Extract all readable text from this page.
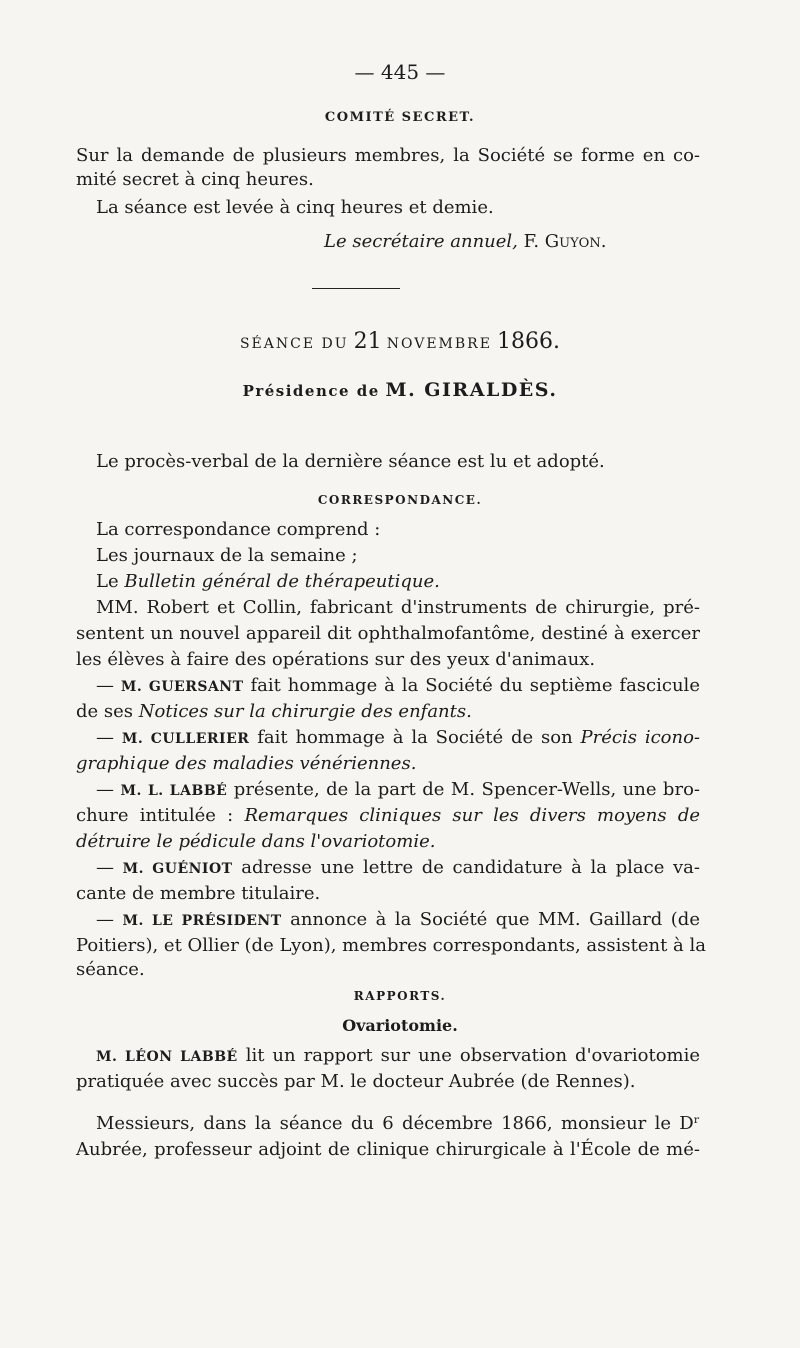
— 445 —
COMITÉ SECRET.
Sur la demande de plusieurs membres, la Société se forme en co-
mité secret à cinq heures.
La séance est levée à cinq heures et demie.
Le secrétaire annuel, F. Guyon.
SÉANCE DU 21 NOVEMBRE 1866.
Présidence de M. GIRALDÈS.
Le procès-verbal de la dernière séance est lu et adopté.
CORRESPONDANCE.
La correspondance comprend :
Les journaux de la semaine ;
Le Bulletin général de thérapeutique.
MM. Robert et Collin, fabricant d'instruments de chirurgie, pré-
sentent un nouvel appareil dit ophthalmofantôme, destiné à exercer
les élèves à faire des opérations sur des yeux d'animaux.
— M. GUERSANT fait hommage à la Société du septième fascicule
de ses Notices sur la chirurgie des enfants.
— M. CULLERIER fait hommage à la Société de son Précis icono-
graphique des maladies vénériennes.
— M. L. LABBÉ présente, de la part de M. Spencer-Wells, une bro-
chure intitulée : Remarques cliniques sur les divers moyens de
détruire le pédicule dans l'ovariotomie.
— M. GUÉNIOT adresse une lettre de candidature à la place va-
cante de membre titulaire.
— M. LE PRÉSIDENT annonce à la Société que MM. Gaillard (de
Poitiers), et Ollier (de Lyon), membres correspondants, assistent à la
séance.
RAPPORTS.
Ovariotomie.
M. LÉON LABBÉ lit un rapport sur une observation d'ovariotomie
pratiquée avec succès par M. le docteur Aubrée (de Rennes).
Messieurs, dans la séance du 6 décembre 1866, monsieur le Dʳ
Aubrée, professeur adjoint de clinique chirurgicale à l'École de mé-
